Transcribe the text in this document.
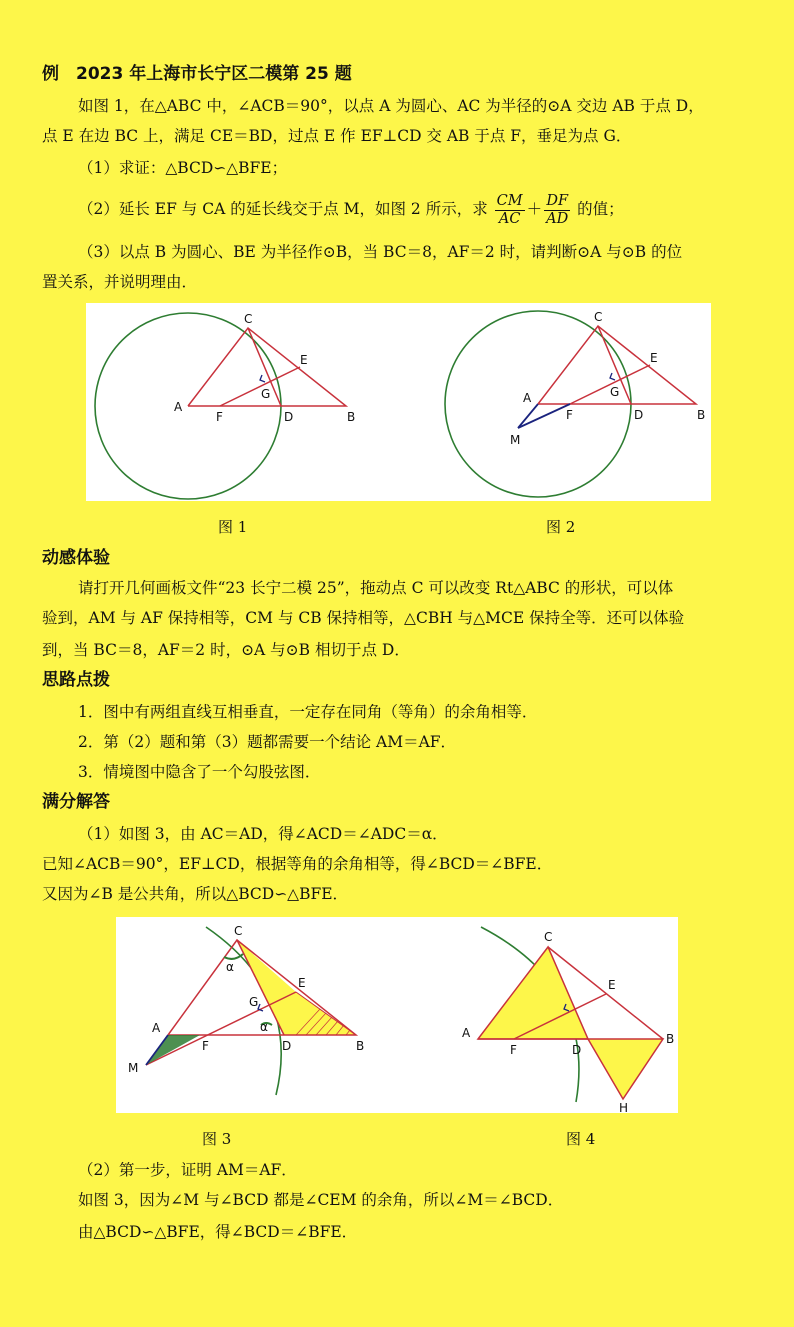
例　2023 年上海市长宁区二模第 25 题
如图 1，在△ABC 中，∠ACB＝90°，以点 A 为圆心、AC 为半径的⊙A 交边 AB 于点 D，
点 E 在边 BC 上，满足 CE＝BD，过点 E 作 EF⊥CD 交 AB 于点 F，垂足为点 G．
（1）求证：△BCD∽△BFE；
（2）延长 EF 与 CA 的延长线交于点 M，如图 2 所示，求 $\frac{CM}{AC} + \frac{DF}{AD}$ 的值；
（3）以点 B 为圆心、BE 为半径作⊙B，当 BC＝8，AF＝2 时，请判断⊙A 与⊙B 的位
置关系，并说明理由．
C
A
B
D
E
F
G
C
A
B
D
E
F
G
M
图 1	图 2
动感体验
请打开几何画板文件“23 长宁二模 25”，拖动点 C 可以改变 Rt△ABC 的形状，可以体
验到，AM 与 AF 保持相等，CM 与 CB 保持相等，△CBH 与△MCE 保持全等．还可以体验
到，当 BC＝8，AF＝2 时，⊙A 与⊙B 相切于点 D．
思路点拨
1．图中有两组直线互相垂直，一定存在同角（等角）的余角相等．
2．第（2）题和第（3）题都需要一个结论 AM＝AF．
3．情境图中隐含了一个勾股弦图．
满分解答
（1）如图 3，由 AC＝AD，得∠ACD＝∠ADC＝α．
已知∠ACB＝90°，EF⊥CD，根据等角的余角相等，得∠BCD＝∠BFE．
又因为∠B 是公共角，所以△BCD∽△BFE．
C
A
B
D
E
F
G
M
α
α
C
A	B
D
E
F
H
图 3	图 4
（2）第一步，证明 AM＝AF．
如图 3，因为∠M 与∠BCD 都是∠CEM 的余角，所以∠M＝∠BCD．
由△BCD∽△BFE，得∠BCD＝∠BFE．
